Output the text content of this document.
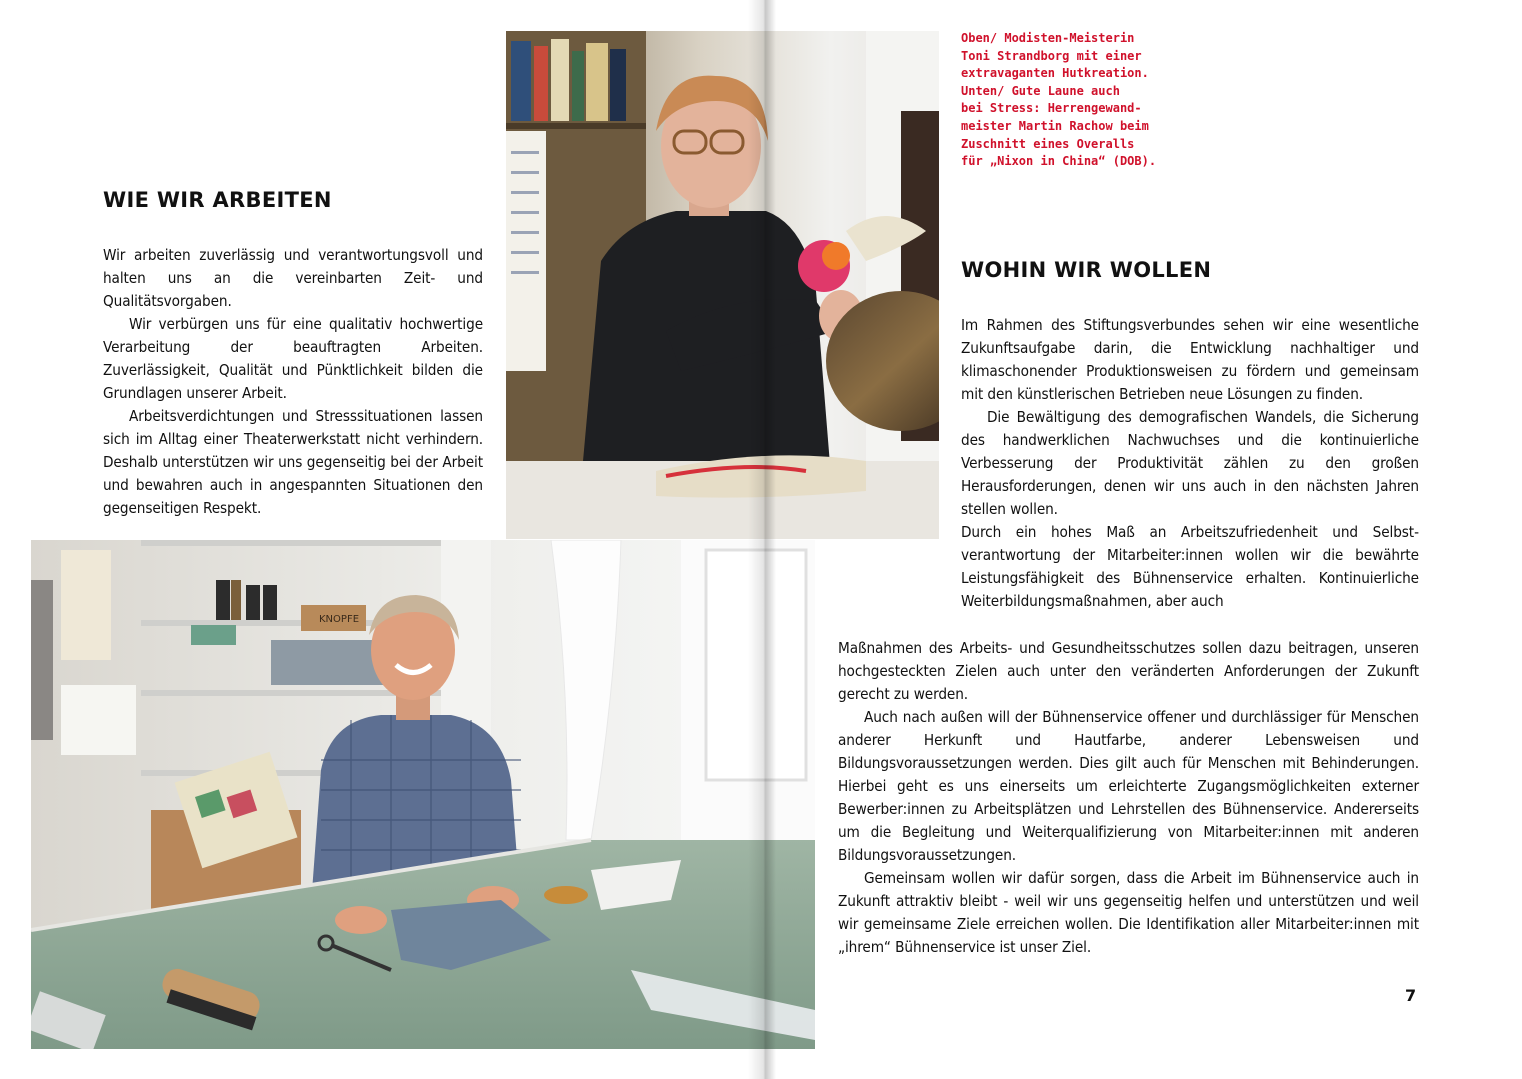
WIE WIR ARBEITEN

Wir arbeiten zuverlässig und verantwortungsvoll und halten uns an die vereinbarten Zeit- und Qualitätsvorgaben.

Wir verbürgen uns für eine qualitativ hochwertige Verarbeitung der beauftragten Arbeiten. Zuverlässigkeit, Qualität und Pünktlichkeit bilden die Grundlagen unserer Arbeit.

Arbeitsverdichtungen und Stresssituationen lassen sich im Alltag einer Theaterwerkstatt nicht verhindern. Deshalb unterstützen wir uns gegenseitig bei der Arbeit und bewahren auch in angespannten Situationen den gegenseitigen Respekt.

Oben/ Modisten-Meisterin
Toni Strandborg mit einer
extravaganten Hutkreation.
Unten/ Gute Laune auch
bei Stress: Herrengewand-
meister Martin Rachow beim
Zuschnitt eines Overalls
für „Nixon in China“ (DOB).
WOHIN WIR WOLLEN

Im Rahmen des Stiftungsverbundes sehen wir eine wesentliche Zukunftsaufgabe darin, die Entwicklung nachhaltiger und klimaschonender Produktionsweisen zu fördern und gemeinsam mit den künstlerischen Betrieben neue Lösungen zu finden.

Die Bewältigung des demografischen Wandels, die Sicherung des handwerklichen Nachwuchses und die kontinuierliche Verbesserung der Produktivität zählen zu den großen Herausforderungen, denen wir uns auch in den nächsten Jahren stellen wollen.

Durch ein hohes Maß an Arbeitszufriedenheit und Selbstverantwortung der Mitarbeiter:innen wollen wir die bewährte Leistungsfähigkeit des Bühnenservice erhalten. Kontinuierliche Weiterbildungsmaßnahmen, aber auch

KNOPFE

Maßnahmen des Arbeits- und Gesundheitsschutzes sollen dazu beitragen, unseren hochgesteckten Zielen auch unter den veränderten Anforderungen der Zukunft gerecht zu werden.

Auch nach außen will der Bühnenservice offener und durchlässiger für Menschen anderer Herkunft und Hautfarbe, anderer Lebensweisen und Bildungsvoraussetzungen werden. Dies gilt auch für Menschen mit Behinderungen. Hierbei geht es uns einerseits um erleichterte Zugangsmöglichkeiten externer Bewerber:innen zu Arbeitsplätzen und Lehrstellen des Bühnenservice. Andererseits um die Begleitung und Weiterqualifizierung von Mitarbeiter:innen mit anderen Bildungsvoraussetzungen.

Gemeinsam wollen wir dafür sorgen, dass die Arbeit im Bühnenservice auch in Zukunft attraktiv bleibt - weil wir uns gegenseitig helfen und unterstützen und weil wir gemeinsame Ziele erreichen wollen. Die Identifikation aller Mitarbeiter:innen mit „ihrem“ Bühnenservice ist unser Ziel.

7
